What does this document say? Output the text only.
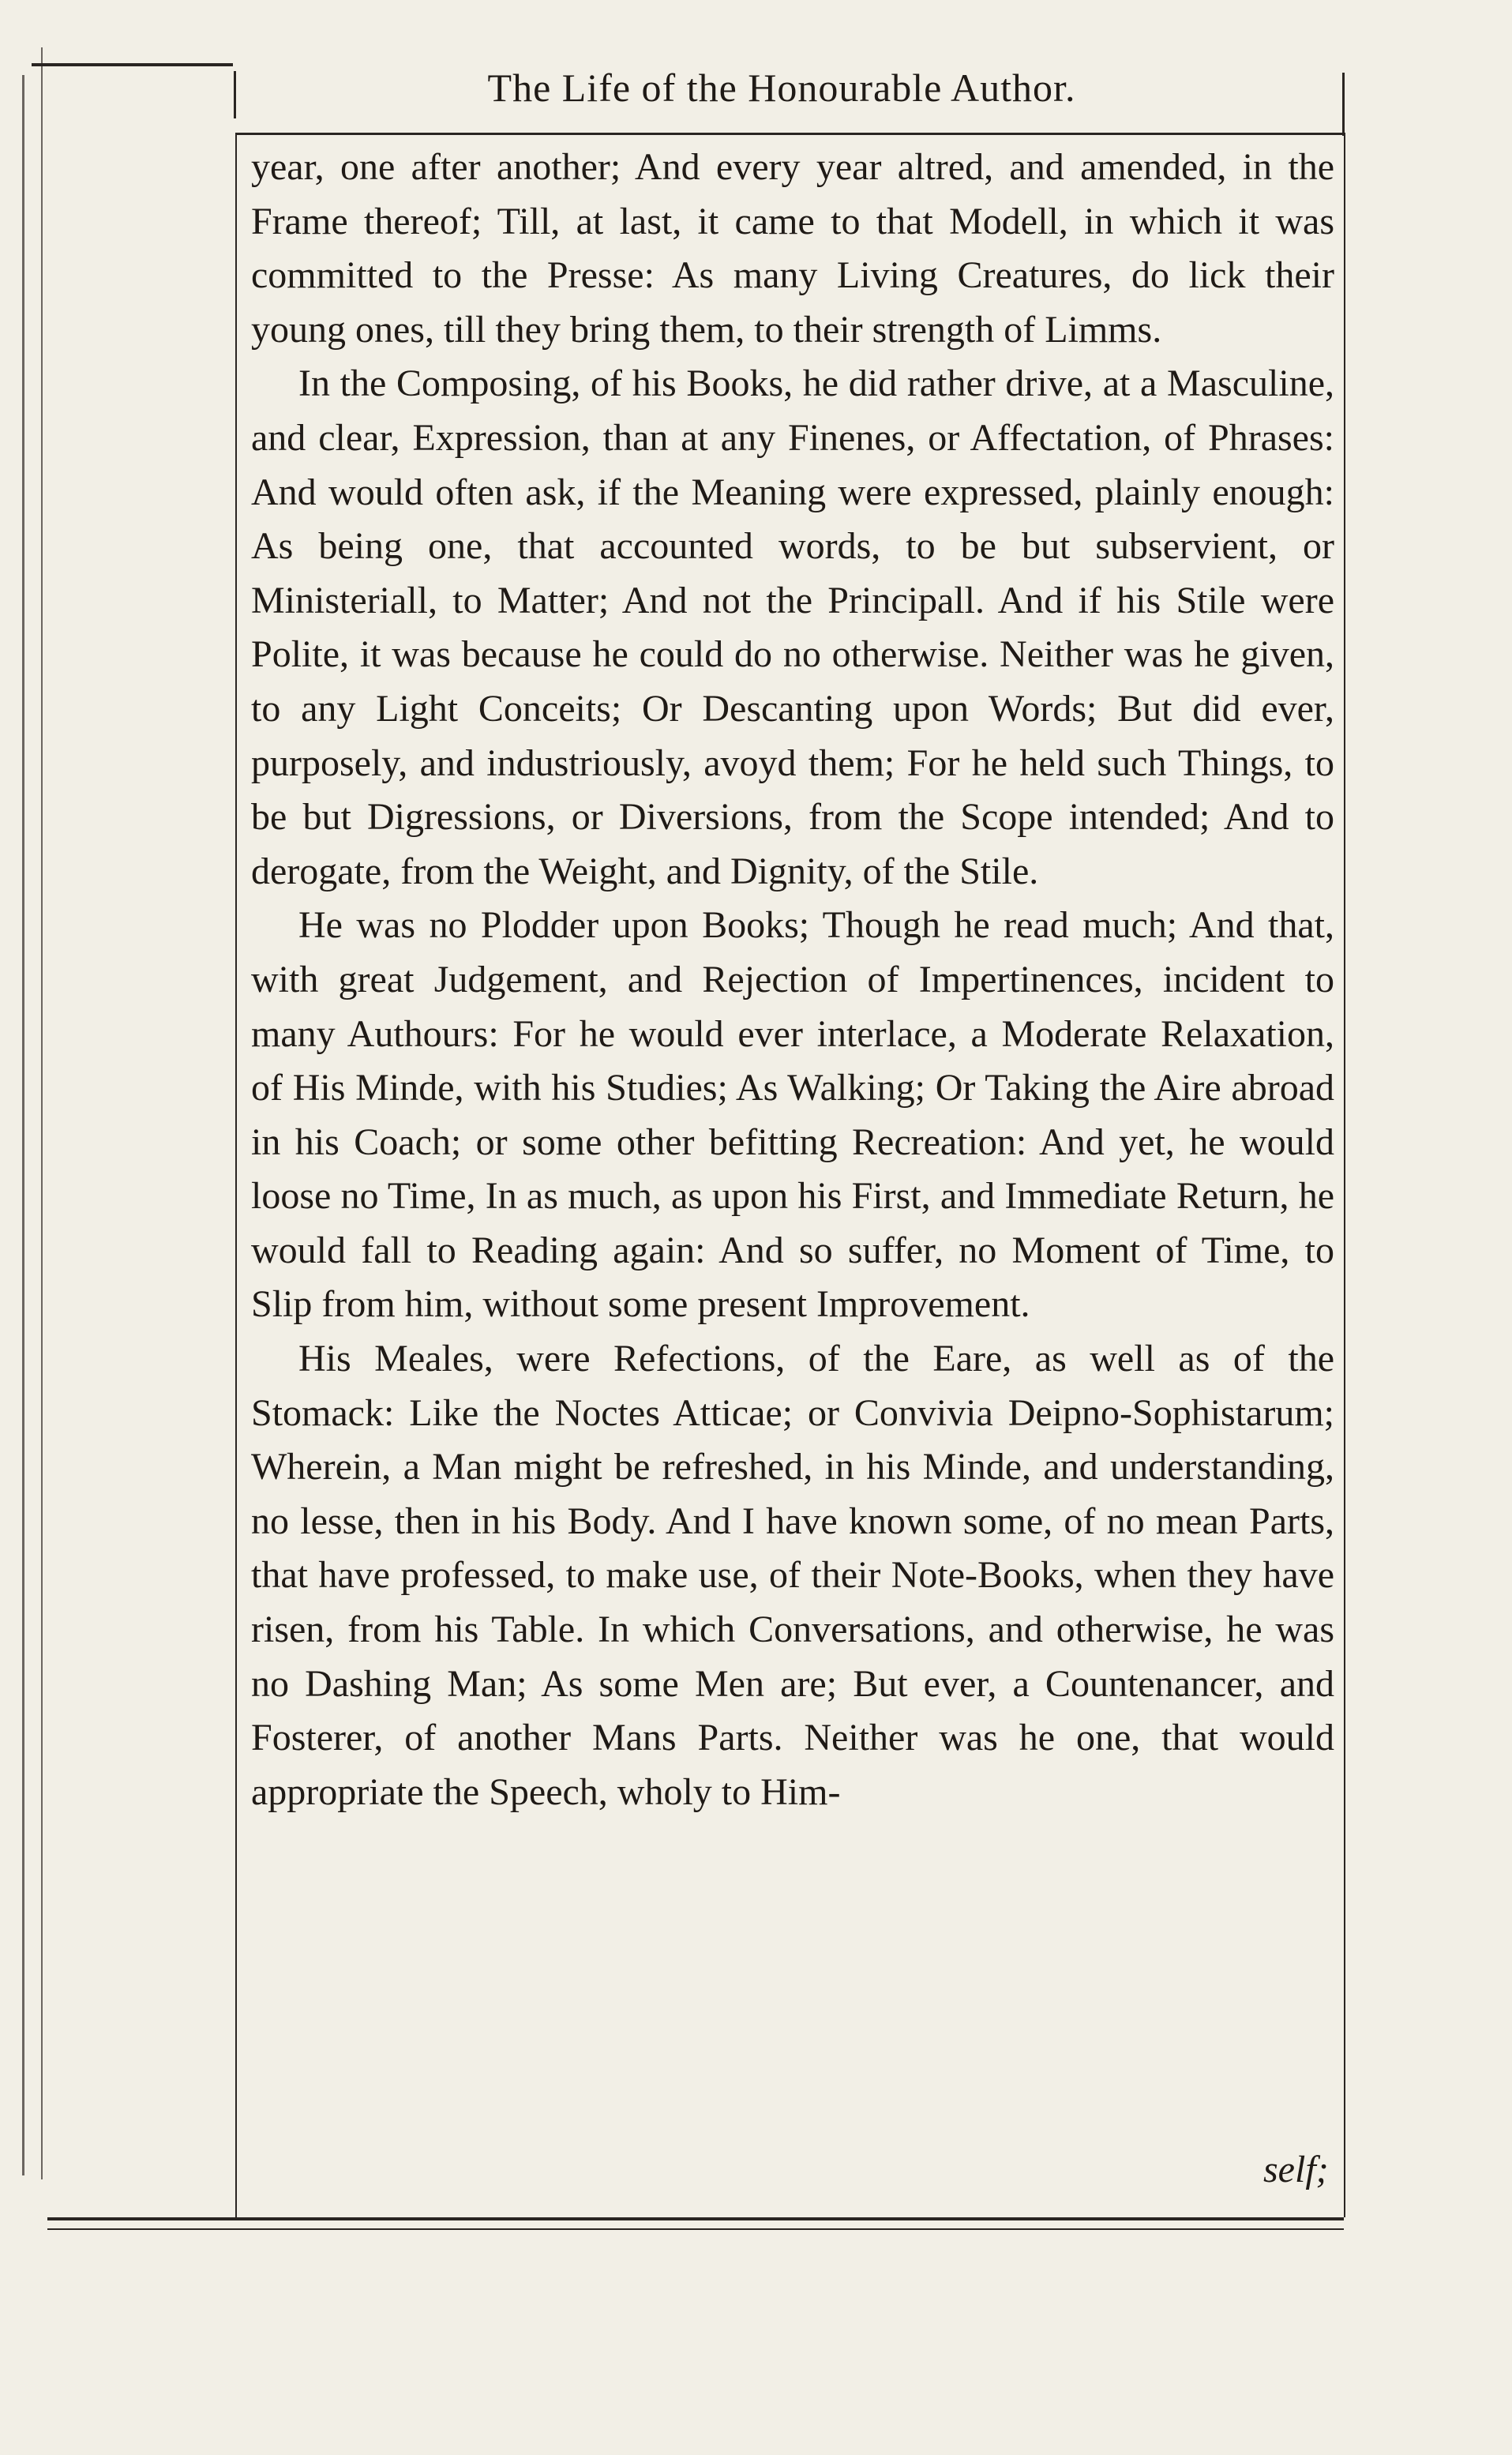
The Life of the Honourable Author.

year, one after another; And every year altred, and amended, in the Frame thereof; Till, at last, it came to that Modell, in which it was committed to the Presse: As many Living Creatures, do lick their young ones, till they bring them, to their strength of Limms.

In the Composing, of his Books, he did rather drive, at a Masculine, and clear, Expression, than at any Finenes, or Affectation, of Phrases: And would often ask, if the Meaning were expressed, plainly enough: As being one, that accounted words, to be but subservient, or Ministeriall, to Matter; And not the Principall. And if his Stile were Polite, it was because he could do no otherwise. Neither was he given, to any Light Conceits; Or Descanting upon Words; But did ever, purposely, and industriously, avoyd them; For he held such Things, to be but Digressions, or Diversions, from the Scope intended; And to derogate, from the Weight, and Dignity, of the Stile.

He was no Plodder upon Books; Though he read much; And that, with great Judgement, and Rejection of Impertinences, incident to many Authours: For he would ever interlace, a Moderate Relaxation, of His Minde, with his Studies; As Walking; Or Taking the Aire abroad in his Coach; or some other befitting Recreation: And yet, he would loose no Time, In as much, as upon his First, and Immediate Return, he would fall to Reading again: And so suffer, no Moment of Time, to Slip from him, without some present Improvement.

His Meales, were Refections, of the Eare, as well as of the Stomack: Like the Noctes Atticae; or Convivia Deipno-Sophistarum; Wherein, a Man might be refreshed, in his Minde, and understanding, no lesse, then in his Body. And I have known some, of no mean Parts, that have professed, to make use, of their Note-Books, when they have risen, from his Table. In which Conversations, and otherwise, he was no Dashing Man; As some Men are; But ever, a Countenancer, and Fosterer, of another Mans Parts. Neither was he one, that would appropriate the Speech, wholy to Him-

self;
